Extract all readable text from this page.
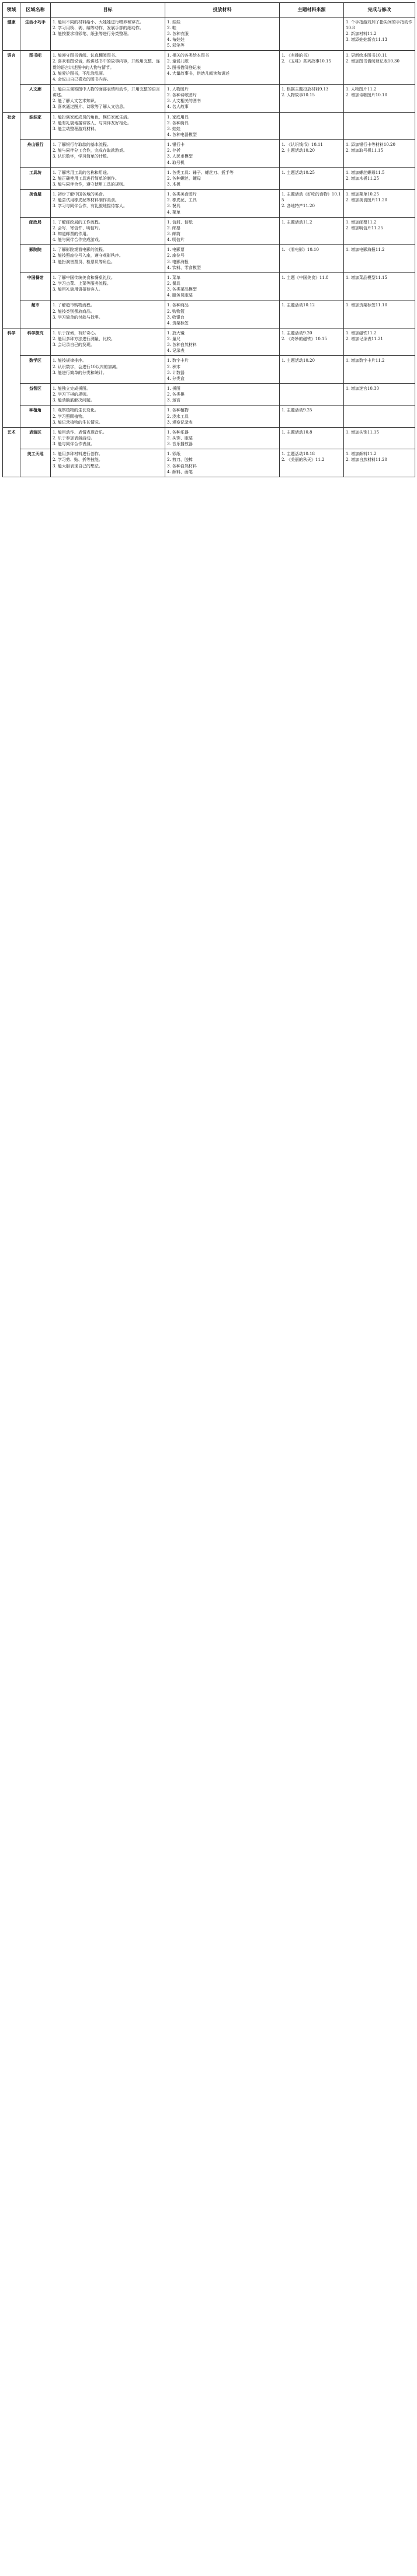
领域	区域名称	目标	投放材料	主题材料来源	完成与修改
健康	生活小巧手	1. 能用不同的材料给小、大娃娃进行喂养和穿衣。
2. 学习用筷、剥、编等动作，发展手部的细动作。
3. 能按要求将彩笔、纸张等进行分类整理。	1. 娃娃
2. 鞋
3. 各种衣服
4. 布娃娃
5. 彩笔等		1. 个手指游戏加了指尖间的手指动作10.8
2. 新加材料11.2
3. 增添娃娃新衣11.13

语言	图书吧	1. 能遵守图书借阅、认真翻阅图书。
2. 喜欢看图说话，能讲述书中的故事内容，并能用完整、连贯的语言讲述图中的人物与情节。
3. 能爱护图书，不乱涂乱画。
4. 会说出自己喜欢的图书内容。	1. 相关的各类绘本图书
2. 童谣儿歌
3. 图书借阅登记表
4. 大量故事书，供幼儿阅读和讲述	1. 《有趣的书》
2. 《五味》系列故事10.15	1. 更新绘本图书10.11
2. 增加图书借阅登记表10.30

	人文廊	1. 能自主观察图中人物的面部表情和动作，并用完整的语言讲述。
2. 能了解人文艺术知识。
3. 喜欢通过图片、诗歌等了解人文信息。	1. 人物图片
2. 各种诗歌图片
3. 人文相关的图书
4. 名人故事	1. 根据主题投放材料9.13
2. 人物故事10.15	1. 人物图片11.2
2. 增加诗歌图片10.10

社会	娃娃家	1. 能扮演家庭成员的角色，模仿家庭生活。
2. 能有礼貌地接待客人，与同伴友好相处。
3. 能主动整理游戏材料。	1. 家庭用具
2. 各种厨具
3. 娃娃
4. 各种电器模型		

	舟山银行	1. 了解银行存取款的基本流程。
2. 能与同伴分工合作，完成存取款游戏。
3. 认识数字，学习简单的计数。	1. 银行卡
2. 存折
3. 人民币模型
4. 取号机	1. 《认识钱币》10.11
2. 主题活动10.20	1. 添加银行卡等材料10.20
2. 增加取号机11.15

	工具坊	1. 了解常用工具的名称和用途。
2. 能正确使用工具进行简单的制作。
3. 能与同伴合作，遵守使用工具的规则。	1. 各类工具：锤子、螺丝刀、扳手等
2. 各种螺丝、螺母
3. 木板	1. 主题活动10.25	1. 增加螺丝螺母11.5
2. 增加木板11.25

	美食屋	1. 初步了解中国各地的美食。
2. 能尝试用橡皮泥等材料制作美食。
3. 学习与同伴合作，有礼貌地接待客人。	1. 各类美食图片
2. 橡皮泥、工具
3. 餐具
4. 菜单	1. 主题活动《好吃的食物》10.15
2. 各地特产11.20	1. 增加菜单10.25
2. 增加美食图片11.20

	邮政局	1. 了解邮政局的工作流程。
2. 会写、寄信件、明信片。
3. 知道邮票的作用。
4. 能与同伴合作完成游戏。	1. 信封、信纸
2. 邮票
3. 邮筒
4. 明信片	1. 主题活动11.2	1. 增加邮票11.2
2. 增加明信片11.25

	影院院	1. 了解影院观看电影的流程。
2. 能按照座位号入座，遵守观影秩序。
3. 能扮演售票员、检票员等角色。	1. 电影票
2. 座位号
3. 电影海报
4. 饮料、零食模型	1. 《看电影》10.10	1. 增加电影海报11.2

	中国餐馆	1. 了解中国传统美食和餐桌礼仪。
2. 学习点菜、上菜等服务流程。
3. 能用礼貌用语招待客人。	1. 菜单
2. 餐具
3. 各类菜品模型
4. 服务员服装	1. 主题《中国美食》11.8	1. 增加菜品模型11.15

	超市	1. 了解超市购物流程。
2. 能按类别摆放商品。
3. 学习简单的付款与找零。	1. 各种商品
2. 购物篮
3. 收银台
4. 货架标签	1. 主题活动10.12	1. 增加货架标签11.10

科学	科学探究	1. 乐于探索，有好奇心。
2. 能用多种方法进行测量、比较。
3. 会记录自己的发现。	1. 放大镜
2. 量尺
3. 各种自然材料
4. 记录表	1. 主题活动9.20
2. 《奇妙的磁铁》10.15	1. 增加磁铁11.2
2. 增加记录表11.21

	数学区	1. 能按规律排序。
2. 认识数字，会进行10以内的加减。
3. 能进行简单的分类和统计。	1. 数字卡片
2. 积木
3. 计数器
4. 分类盒	1. 主题活动10.20	1. 增加数字卡片11.2

	益智区	1. 能独立完成拼图。
2. 学习下棋的规则。
3. 能动脑筋解决问题。	1. 拼图
2. 各类棋
3. 迷宫		1. 增加迷宫10.30

	种植角	1. 观察植物的生长变化。
2. 学习照顾植物。
3. 能记录植物的生长情况。	1. 各种植物
2. 浇水工具
3. 观察记录表	1. 主题活动9.25	

艺术	表演区	1. 能用动作、表情表现音乐。
2. 乐于参加表演活动。
3. 能与同伴合作表演。	1. 各种乐器
2. 头饰、服装
3. 音乐播放器	1. 主题活动10.8	1. 增加头饰11.15

	美工天地	1. 能用多种材料进行创作。
2. 学习剪、贴、折等技能。
3. 能大胆表现自己的想法。	1. 彩纸
2. 剪刀、胶棒
3. 各种自然材料
4. 颜料、画笔	1. 主题活动10.18
2. 《美丽的秋天》11.2	1. 增加颜料11.2
2. 增加自然材料11.20
